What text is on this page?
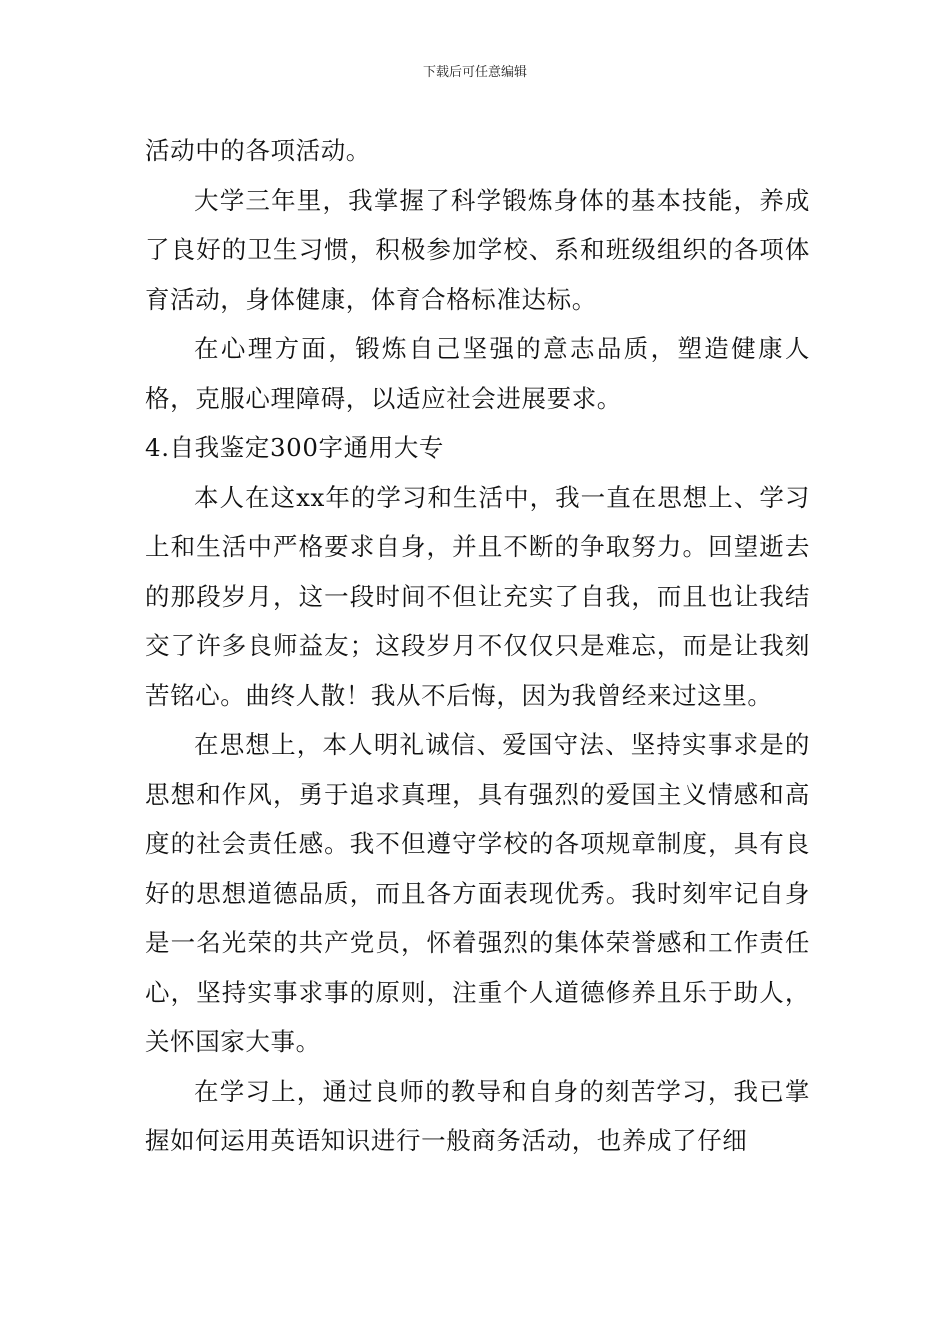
下载后可任意编辑

活动中的各项活动。

大学三年里，我掌握了科学锻炼身体的基本技能，养成了良好的卫生习惯，积极参加学校、系和班级组织的各项体育活动，身体健康，体育合格标准达标。

在心理方面，锻炼自己坚强的意志品质，塑造健康人格，克服心理障碍，以适应社会进展要求。

4.自我鉴定300字通用大专

本人在这xx年的学习和生活中，我一直在思想上、学习上和生活中严格要求自身，并且不断的争取努力。回望逝去的那段岁月，这一段时间不但让充实了自我，而且也让我结交了许多良师益友；这段岁月不仅仅只是难忘，而是让我刻苦铭心。曲终人散！我从不后悔，因为我曾经来过这里。

在思想上，本人明礼诚信、爱国守法、坚持实事求是的思想和作风，勇于追求真理，具有强烈的爱国主义情感和高度的社会责任感。我不但遵守学校的各项规章制度，具有良好的思想道德品质，而且各方面表现优秀。我时刻牢记自身是一名光荣的共产党员，怀着强烈的集体荣誉感和工作责任心，坚持实事求事的原则，注重个人道德修养且乐于助人，关怀国家大事。

在学习上，通过良师的教导和自身的刻苦学习，我已掌握如何运用英语知识进行一般商务活动，也养成了仔细
